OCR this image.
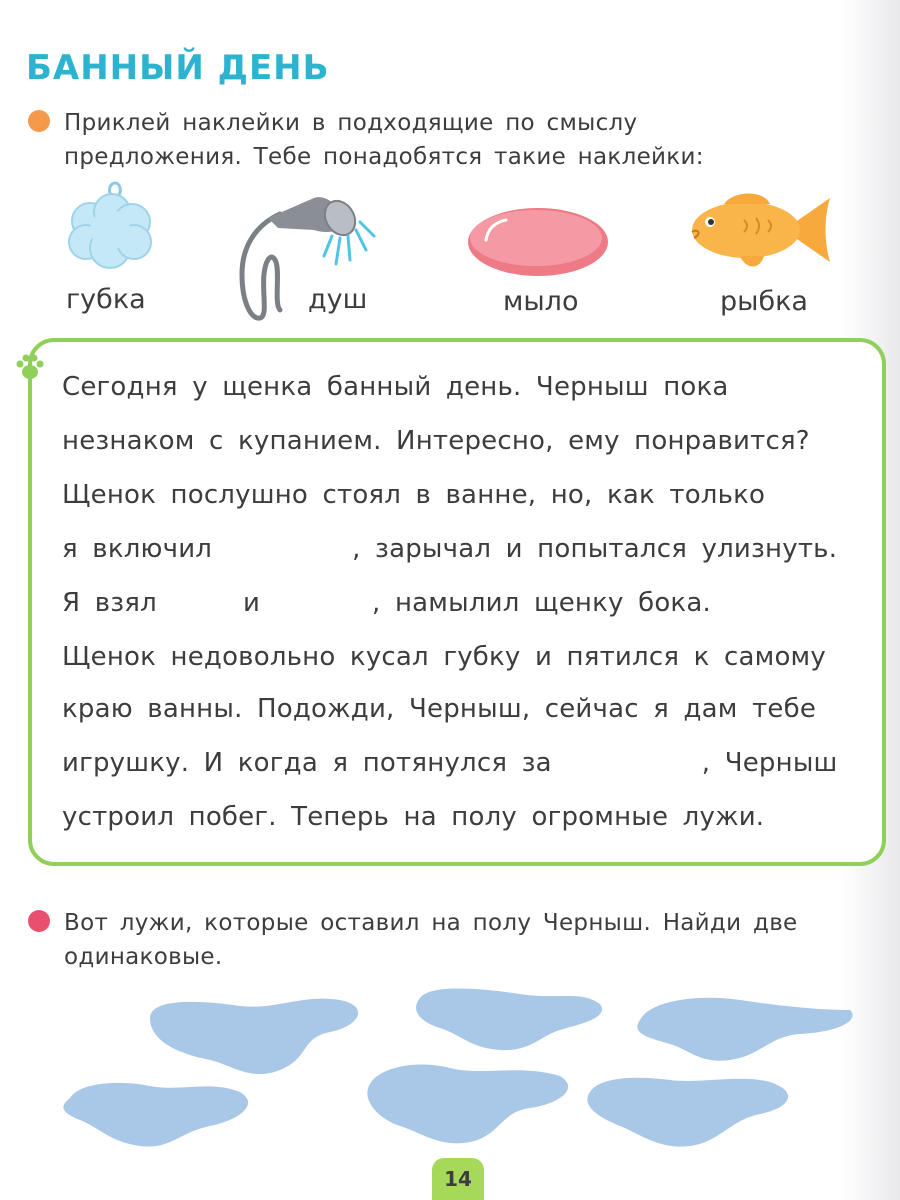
БАННЫЙ ДЕНЬ
Приклей наклейки в подходящие по смыслу
предложения. Тебе понадобятся такие наклейки:
губка	душ	мыло	рыбка
Сегодня у щенка банный день. Черныш пока
незнаком с купанием. Интересно, ему понравится?
Щенок послушно стоял в ванне, но, как только
я включил	, зарычал и попытался улизнуть.
Я взял	и	, намылил щенку бока.
Щенок недовольно кусал губку и пятился к самому
краю ванны. Подожди, Черныш, сейчас я дам тебе
игрушку. И когда я потянулся за	, Черныш
устроил побег. Теперь на полу огромные лужи.
Вот лужи, которые оставил на полу Черныш. Найди две
одинаковые.
14
